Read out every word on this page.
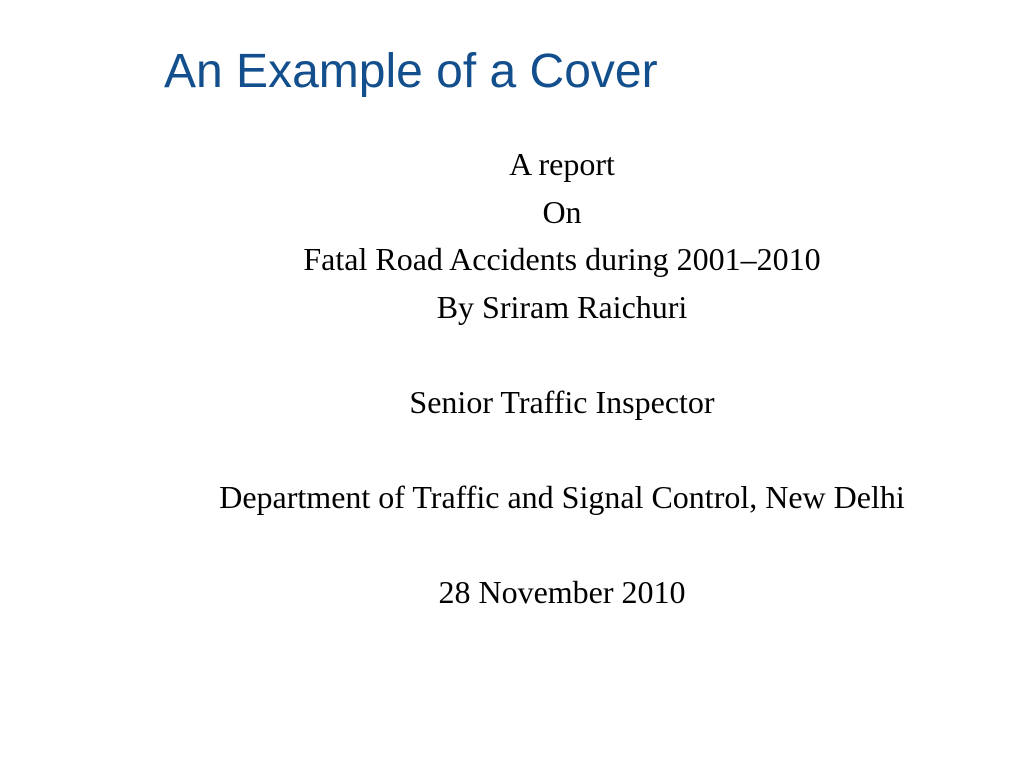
An Example of a Cover
A report
On
Fatal Road Accidents during 2001–2010
By Sriram Raichuri
Senior Traffic Inspector
Department of Traffic and Signal Control, New Delhi
28 November 2010
